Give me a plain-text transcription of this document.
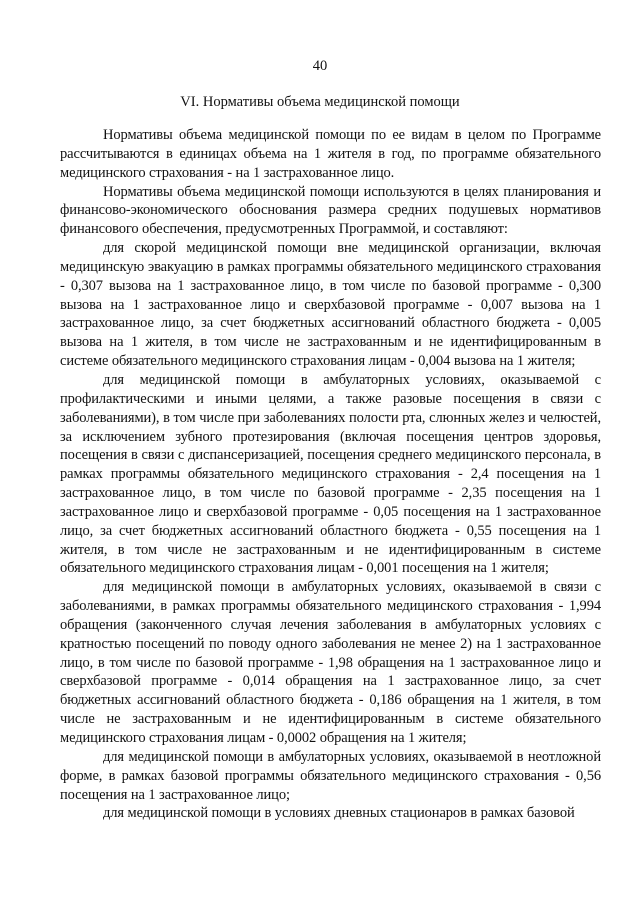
40
VI. Нормативы объема медицинской помощи

Нормативы объема медицинской помощи по ее видам в целом по Программе рассчитываются в единицах объема на 1 жителя в год, по программе обязательного медицинского страхования - на 1 застрахованное лицо.

Нормативы объема медицинской помощи используются в целях планирования и финансово-экономического обоснования размера средних подушевых нормативов финансового обеспечения, предусмотренных Программой, и составляют:

для скорой медицинской помощи вне медицинской организации, включая медицинскую эвакуацию в рамках программы обязательного медицинского страхования - 0,307 вызова на 1 застрахованное лицо, в том числе по базовой программе - 0,300 вызова на 1 застрахованное лицо и сверхбазовой программе - 0,007 вызова на 1 застрахованное лицо, за счет бюджетных ассигнований областного бюджета - 0,005 вызова на 1 жителя, в том числе не застрахованным и не идентифицированным в системе обязательного медицинского страхования лицам - 0,004 вызова на 1 жителя;

для медицинской помощи в амбулаторных условиях, оказываемой с профилактическими и иными целями, а также разовые посещения в связи с заболеваниями), в том числе при заболеваниях полости рта, слюнных желез и челюстей, за исключением зубного протезирования (включая посещения центров здоровья, посещения в связи с диспансеризацией, посещения среднего медицинского персонала, в рамках программы обязательного медицинского страхования - 2,4 посещения на 1 застрахованное лицо, в том числе по базовой программе - 2,35 посещения на 1 застрахованное лицо и сверхбазовой программе - 0,05 посещения на 1 застрахованное лицо, за счет бюджетных ассигнований областного бюджета - 0,55 посещения на 1 жителя, в том числе не застрахованным и не идентифицированным в системе обязательного медицинского страхования лицам - 0,001 посещения на 1 жителя;

для медицинской помощи в амбулаторных условиях, оказываемой в связи с заболеваниями, в рамках программы обязательного медицинского страхования - 1,994 обращения (законченного случая лечения заболевания в амбулаторных условиях с кратностью посещений по поводу одного заболевания не менее 2) на 1 застрахованное лицо, в том числе по базовой программе - 1,98 обращения на 1 застрахованное лицо и сверхбазовой программе - 0,014 обращения на 1 застрахованное лицо, за счет бюджетных ассигнований областного бюджета - 0,186 обращения на 1 жителя, в том числе не застрахованным и не идентифицированным в системе обязательного медицинского страхования лицам - 0,0002 обращения на 1 жителя;

для медицинской помощи в амбулаторных условиях, оказываемой в неотложной форме, в рамках базовой программы обязательного медицинского страхования - 0,56 посещения на 1 застрахованное лицо;

для медицинской помощи в условиях дневных стационаров в рамках базовой
